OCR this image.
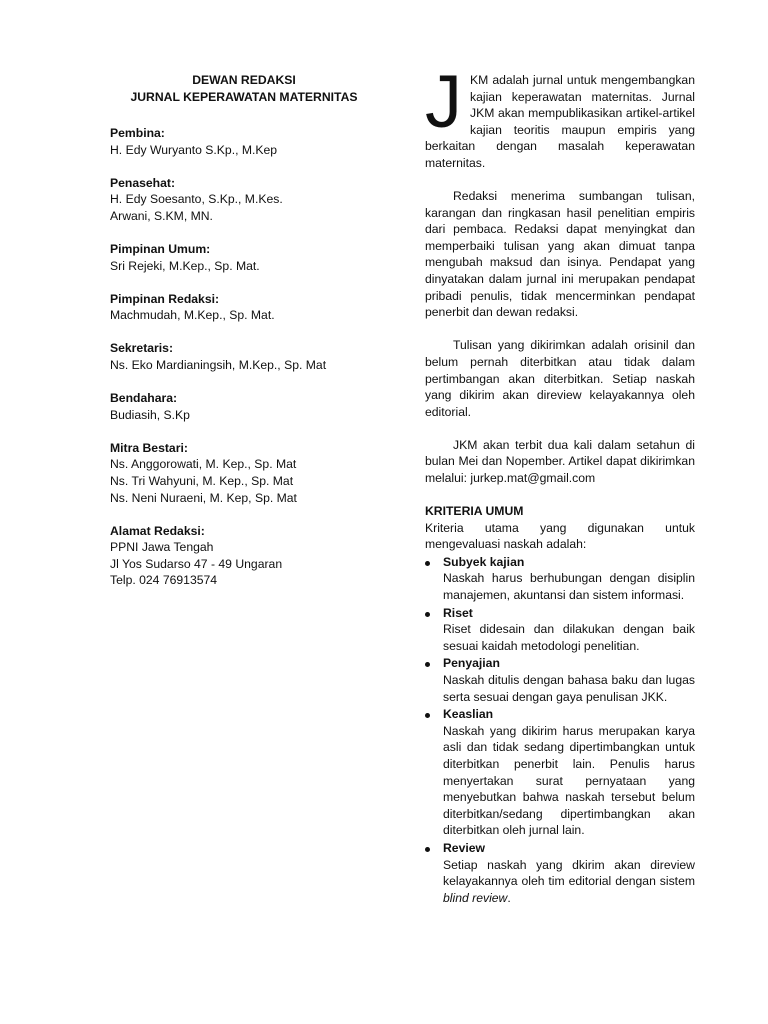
DEWAN REDAKSI
JURNAL KEPERAWATAN MATERNITAS
Pembina:
H. Edy Wuryanto S.Kp., M.Kep
Penasehat:
H. Edy Soesanto, S.Kp., M.Kes.
Arwani, S.KM, MN.
Pimpinan Umum:
Sri Rejeki, M.Kep., Sp. Mat.
Pimpinan Redaksi:
Machmudah, M.Kep., Sp. Mat.
Sekretaris:
Ns. Eko Mardianingsih, M.Kep., Sp. Mat
Bendahara:
Budiasih, S.Kp
Mitra Bestari:
Ns. Anggorowati, M. Kep., Sp. Mat
Ns. Tri Wahyuni, M. Kep., Sp. Mat
Ns. Neni Nuraeni, M. Kep, Sp. Mat
Alamat Redaksi:
PPNI Jawa Tengah
Jl Yos Sudarso 47 - 49 Ungaran
Telp. 024 76913574
JKM adalah jurnal untuk mengembangkan kajian keperawatan maternitas. Jurnal JKM akan mempublikasikan artikel-artikel kajian teoritis maupun empiris yang berkaitan dengan masalah keperawatan maternitas.

Redaksi menerima sumbangan tulisan, karangan dan ringkasan hasil penelitian empiris dari pembaca. Redaksi dapat menyingkat dan memperbaiki tulisan yang akan dimuat tanpa mengubah maksud dan isinya. Pendapat yang dinyatakan dalam jurnal ini merupakan pendapat pribadi penulis, tidak mencerminkan pendapat penerbit dan dewan redaksi.

Tulisan yang dikirimkan adalah orisinil dan belum pernah diterbitkan atau tidak dalam pertimbangan akan diterbitkan. Setiap naskah yang dikirim akan direview kelayakannya oleh editorial.

JKM akan terbit dua kali dalam setahun di bulan Mei dan Nopember. Artikel dapat dikirimkan melalui: jurkep.mat@gmail.com

KRITERIA UMUM

Kriteria utama yang digunakan untuk mengevaluasi naskah adalah:

Subyek kajian
Naskah harus berhubungan dengan disiplin manajemen, akuntansi dan sistem informasi.
Riset
Riset didesain dan dilakukan dengan baik sesuai kaidah metodologi penelitian.
Penyajian
Naskah ditulis dengan bahasa baku dan lugas serta sesuai dengan gaya penulisan JKK.
Keaslian
Naskah yang dikirim harus merupakan karya asli dan tidak sedang dipertimbangkan untuk diterbitkan penerbit lain. Penulis harus menyertakan surat pernyataan yang menyebutkan bahwa naskah tersebut belum diterbitkan/sedang dipertimbangkan akan diterbitkan oleh jurnal lain.
Review
Setiap naskah yang dkirim akan direview kelayakannya oleh tim editorial dengan sistem blind review.
